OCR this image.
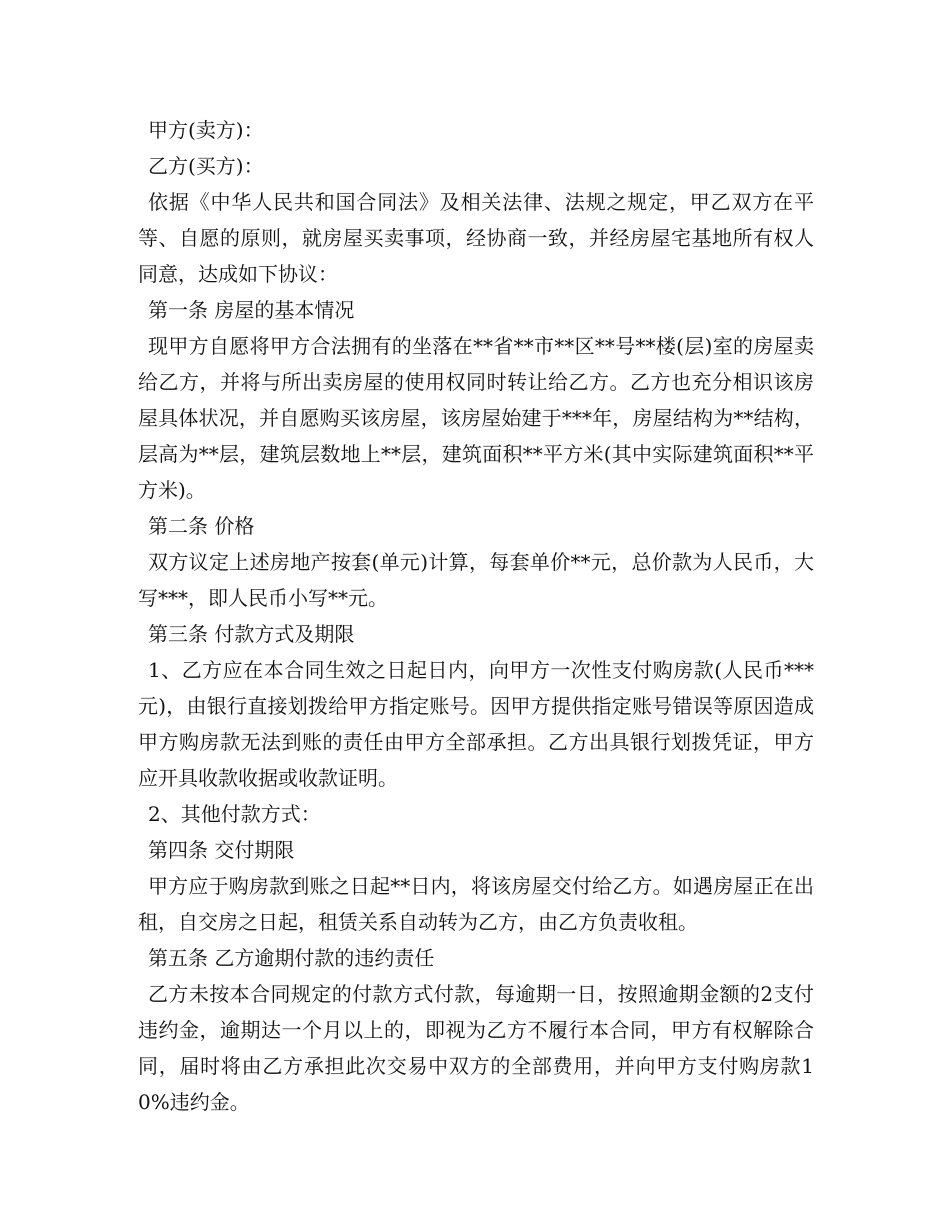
甲方(卖方)：

乙方(买方)：

依据《中华人民共和国合同法》及相关法律、法规之规定，甲乙双方在平等、自愿的原则，就房屋买卖事项，经协商一致，并经房屋宅基地所有权人同意，达成如下协议：

第一条 房屋的基本情况

现甲方自愿将甲方合法拥有的坐落在**省**市**区**号**楼(层)室的房屋卖给乙方，并将与所出卖房屋的使用权同时转让给乙方。乙方也充分相识该房屋具体状况，并自愿购买该房屋，该房屋始建于***年，房屋结构为**结构，层高为**层，建筑层数地上**层，建筑面积**平方米(其中实际建筑面积**平方米)。

第二条 价格

双方议定上述房地产按套(单元)计算，每套单价**元，总价款为人民币，大写***，即人民币小写**元。

第三条 付款方式及期限

1、乙方应在本合同生效之日起日内，向甲方一次性支付购房款(人民币***元)，由银行直接划拨给甲方指定账号。因甲方提供指定账号错误等原因造成甲方购房款无法到账的责任由甲方全部承担。乙方出具银行划拨凭证，甲方应开具收款收据或收款证明。

2、其他付款方式：

第四条 交付期限

甲方应于购房款到账之日起**日内，将该房屋交付给乙方。如遇房屋正在出租，自交房之日起，租赁关系自动转为乙方，由乙方负责收租。

第五条 乙方逾期付款的违约责任

乙方未按本合同规定的付款方式付款，每逾期一日，按照逾期金额的2支付违约金，逾期达一个月以上的，即视为乙方不履行本合同，甲方有权解除合同，届时将由乙方承担此次交易中双方的全部费用，并向甲方支付购房款10%违约金。
